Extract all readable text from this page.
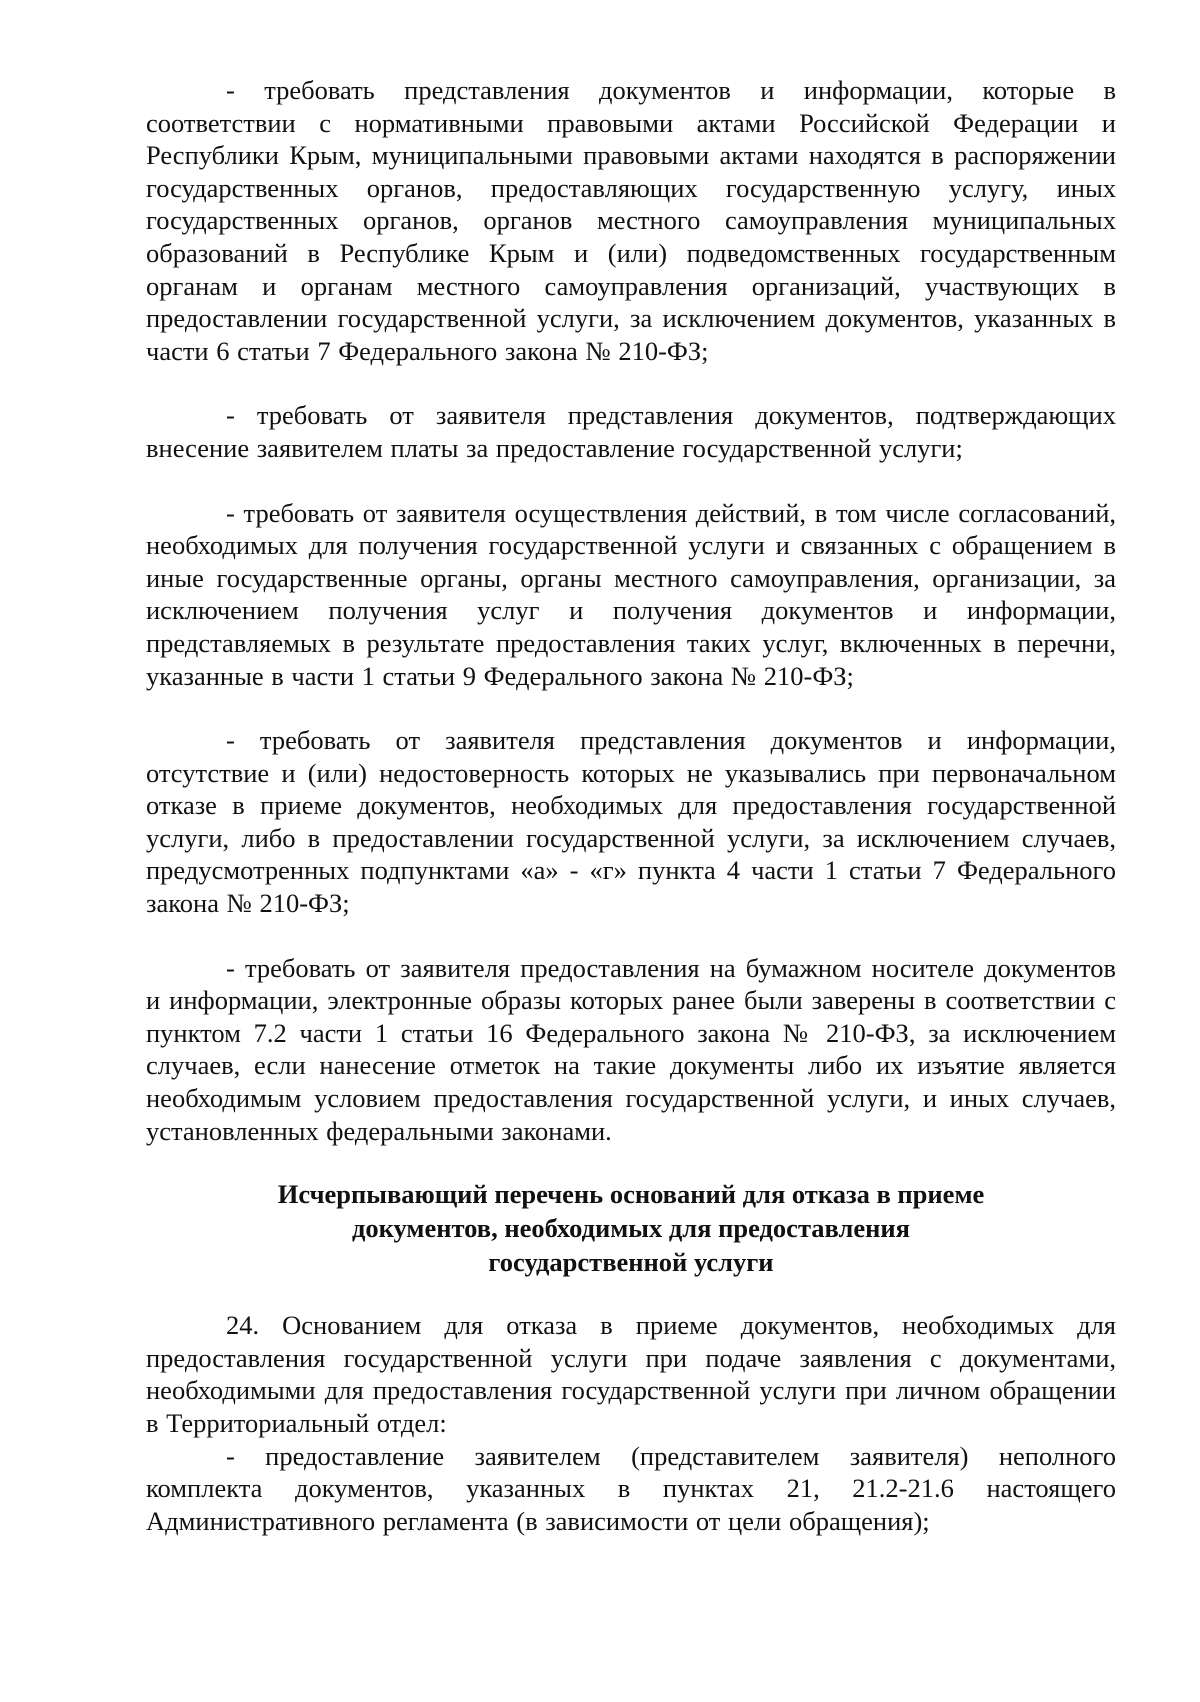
- требовать представления документов и информации, которые в соответствии с нормативными правовыми актами Российской Федерации и Республики Крым, муниципальными правовыми актами находятся в распоряжении государственных органов, предоставляющих государственную услугу, иных государственных органов, органов местного самоуправления муниципальных образований в Республике Крым и (или) подведомственных государственным органам и органам местного самоуправления организаций, участвующих в предоставлении государственной услуги, за исключением документов, указанных в части 6 статьи 7 Федерального закона № 210-ФЗ;

- требовать от заявителя представления документов, подтверждающих внесение заявителем платы за предоставление государственной услуги;

- требовать от заявителя осуществления действий, в том числе согласований, необходимых для получения государственной услуги и связанных с обращением в иные государственные органы, органы местного самоуправления, организации, за исключением получения услуг и получения документов и информации, представляемых в результате предоставления таких услуг, включенных в перечни, указанные в части 1 статьи 9 Федерального закона № 210-ФЗ;

- требовать от заявителя представления документов и информации, отсутствие и (или) недостоверность которых не указывались при первоначальном отказе в приеме документов, необходимых для предоставления государственной услуги, либо в предоставлении государственной услуги, за исключением случаев, предусмотренных подпунктами «а» - «г» пункта 4 части 1 статьи 7 Федерального закона № 210-ФЗ;

- требовать от заявителя предоставления на бумажном носителе документов и информации, электронные образы которых ранее были заверены в соответствии с пунктом 7.2 части 1 статьи 16 Федерального закона № 210-ФЗ, за исключением случаев, если нанесение отметок на такие документы либо их изъятие является необходимым условием предоставления государственной услуги, и иных случаев, установленных федеральными законами.

Исчерпывающий перечень оснований для отказа в приеме
документов, необходимых для предоставления
государственной услуги

24. Основанием для отказа в приеме документов, необходимых для предоставления государственной услуги при подаче заявления с документами, необходимыми для предоставления государственной услуги при личном обращении в Территориальный отдел:

- предоставление заявителем (представителем заявителя) неполного комплекта документов, указанных в пунктах 21, 21.2-21.6 настоящего Административного регламента (в зависимости от цели обращения);
